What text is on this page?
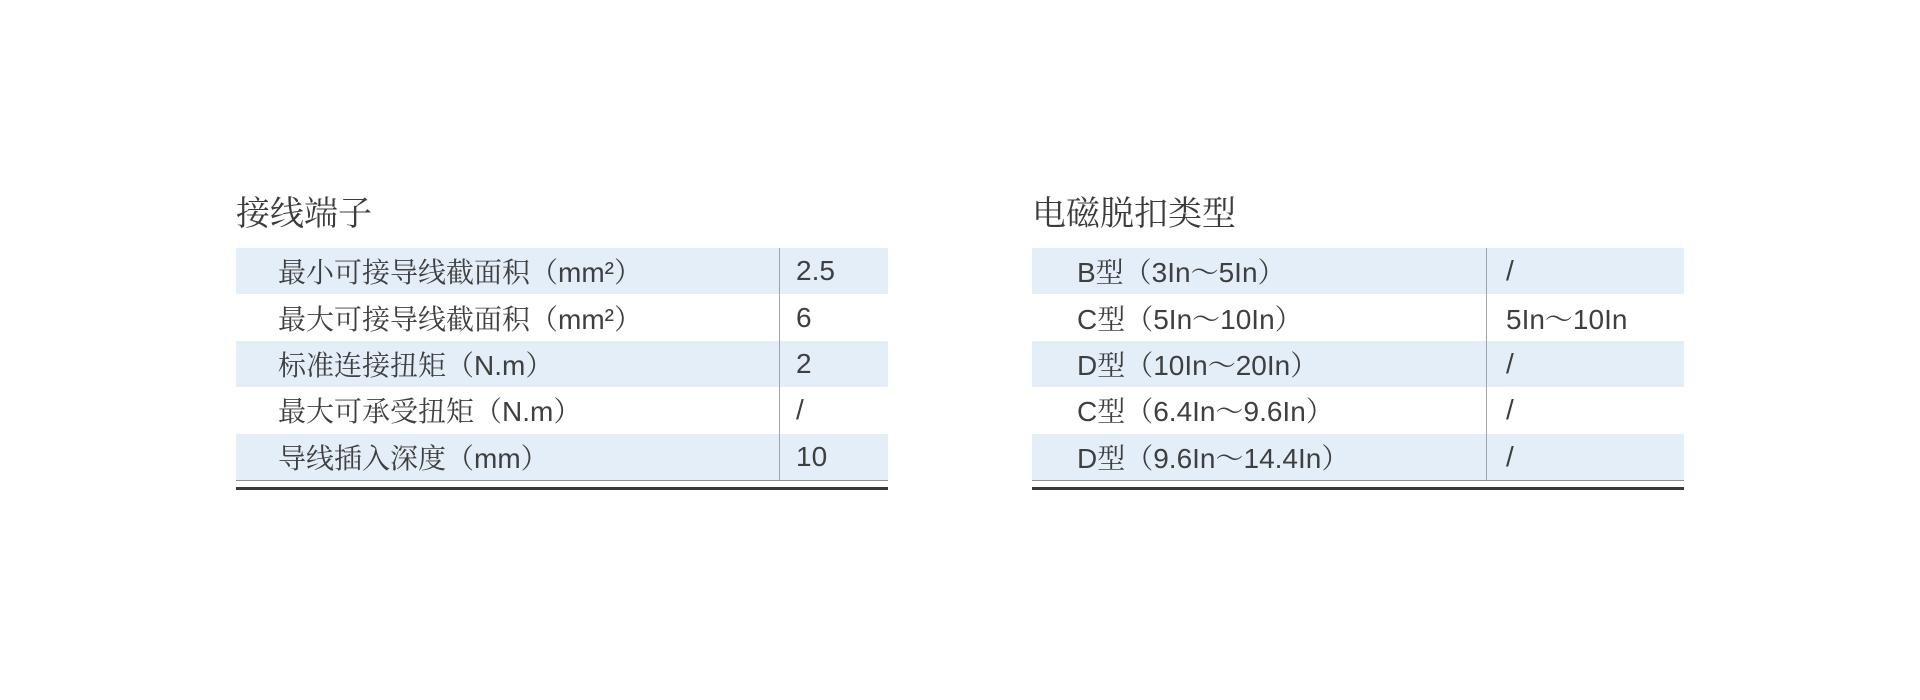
接线端子
最小可接导线截面积（mm²）	2.5
最大可接导线截面积（mm²）	6
标准连接扭矩（N.m）	2
最大可承受扭矩（N.m）	/
导线插入深度（mm）	10
电磁脱扣类型
B型（3In～5In）	/
C型（5In～10In）	5In～10In
D型（10In～20In）	/
C型（6.4In～9.6In）	/
D型（9.6In～14.4In）	/
